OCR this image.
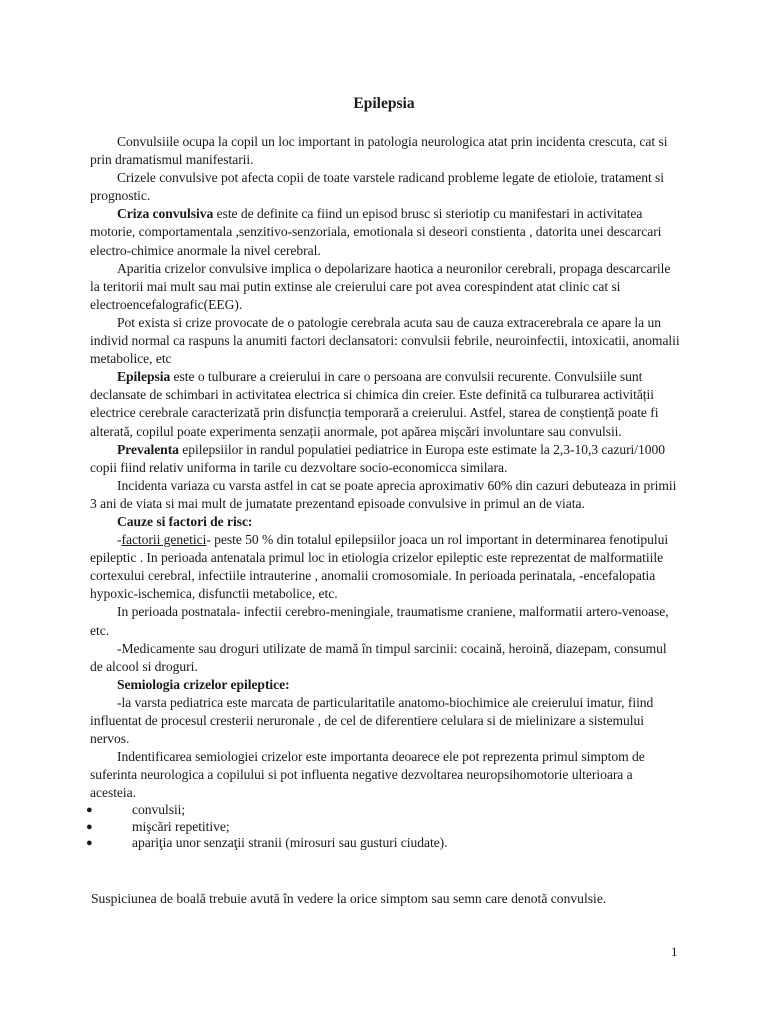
Epilepsia

Convulsiile ocupa la copil un loc important in patologia neurologica atat prin incidenta crescuta, cat si prin dramatismul manifestarii.

Crizele convulsive pot afecta copii de toate varstele radicand probleme legate de etioloie, tratament si prognostic.

Criza convulsiva este de definite ca fiind un episod brusc si steriotip cu manifestari in activitatea motorie, comportamentala ,senzitivo-senzoriala, emotionala si deseori constienta , datorita unei descarcari electro-chimice anormale la nivel cerebral.

Aparitia crizelor convulsive implica o depolarizare haotica a neuronilor cerebrali, propaga descarcarile la teritorii mai mult sau mai putin extinse ale creierului care pot avea corespindent atat clinic cat si electroencefalografic(EEG).

Pot exista si crize provocate de o patologie cerebrala acuta sau de cauza extracerebrala ce apare la un individ normal ca raspuns la anumiti factori declansatori: convulsii febrile, neuroinfectii, intoxicatii, anomalii metabolice, etc

Epilepsia este o tulburare a creierului in care o persoana are convulsii recurente. Convulsiile sunt declansate de schimbari in activitatea electrica si chimica din creier. Este definită ca tulburarea activității electrice cerebrale caracterizată prin disfuncția temporară a creierului. Astfel, starea de conștiență poate fi alterată, copilul poate experimenta senzații anormale, pot apărea mișcări involuntare sau convulsii.

Prevalenta epilepsiilor in randul populatiei pediatrice in Europa este estimate la 2,3-10,3 cazuri/1000 copii fiind relativ uniforma in tarile cu dezvoltare socio-economicca similara.

Incidenta variaza cu varsta astfel in cat se poate aprecia aproximativ 60% din cazuri debuteaza in primii 3 ani de viata si mai mult de jumatate prezentand episoade convulsive in primul an de viata.

Cauze si factori de risc:

-factorii genetici- peste 50 % din totalul epilepsiilor joaca un rol important in determinarea fenotipului epileptic . In perioada antenatala primul loc in etiologia crizelor epileptic este reprezentat de malformatiile cortexului cerebral, infectiile intrauterine , anomalii cromosomiale. In perioada perinatala, -encefalopatia hypoxic-ischemica, disfunctii metabolice, etc.

In perioada postnatala- infectii cerebro-meningiale, traumatisme craniene, malformatii artero-venoase, etc.

-Medicamente sau droguri utilizate de mamă în timpul sarcinii: cocaină, heroină, diazepam, consumul de alcool si droguri.

Semiologia crizelor epileptice:

-la varsta pediatrica este marcata de particularitatile anatomo-biochimice ale creierului imatur, fiind influentat de procesul cresterii neruronale , de cel de diferentiere celulara si de mielinizare a sistemului nervos.

Indentificarea semiologiei crizelor este importanta deoarece ele pot reprezenta primul simptom de suferinta neurologica a copilului si pot influenta negative dezvoltarea neuropsihomotorie ulterioara a acesteia.

●	convulsii;
●	mişcări repetitive;
●	apariţia unor senzaţii stranii (mirosuri sau gusturi ciudate).
Suspiciunea de boală trebuie avută în vedere la orice simptom sau semn care denotă convulsie.
1
